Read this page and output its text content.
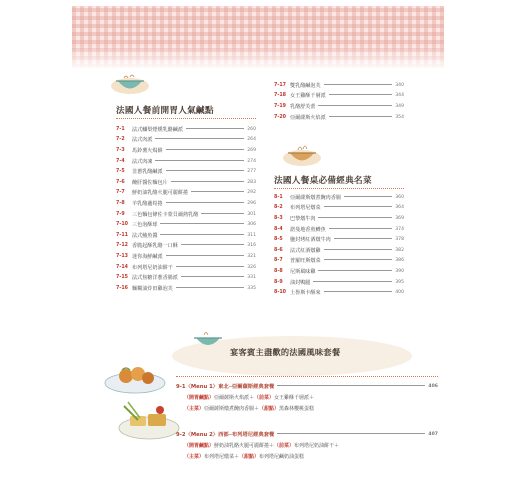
法國人餐前開胃人氣鹹點
7-1	法式鱷梨煙燻乳酪鹹派	260
7-2	法式肉派	264
7-3	馬鈴薯火焗餅	269
7-4	法式肉凍	274
7-5	韭蔥乳酪鹹派	277
7-6	醃肝醬佐麵包片	283
7-7	鮮奶油乳酪火腿可麗餅捲	292
7-8	羊乳酪蘆筍捲	296
7-9	三色麵包條佐卡蒙貝爾熱乳酪	301
7-10 三色泡酥球	306
7-11 法式鮪魚醬	311
7-12 香脆起酥乳酪一口酥	316
7-13 迷你海鮮鹹派	321
7-14 布列塔尼奶油餅干	326
7-15 法式焦糖洋蔥香腸派	331
7-16 麵糊油炸田雞泡芙	335
7-17 雙乳酪鹹泡芙	340
7-18 女王雞酥千層派	344
7-19 乳酪舒芙蕾	349
7-20 亞爾薩斯火焰派	354
法國人餐桌必備經典名菜
8-1	亞爾薩斯燉煮醃肉香腸	360
8-2	布列塔尼燉菜	364
8-3	巴黎燉牛肉	369
8-4	諾曼地香煎鱒魚	374
8-5	鹽封烤紅酒燉牛肉	378
8-6	法式紅酒燉雞	382
8-7	普羅旺斯燉菜	386
8-8	尼斯風味雞	390
8-9	油封鴨腿	395
8-10 土魯斯卡酥來	400
宴客賓主盡歡的法國風味套餐
9-1〈Menu 1〉東北─亞爾薩斯經典套餐	406
（開胃鹹點）亞爾薩斯火焰派＋（前菜）女王雞酥千層派＋
（主菜）亞爾薩斯燉煮醃肉香腸＋（甜點）黑森林櫻桃蛋糕
9-2〈Menu 2〉西部─布列塔尼經典套餐	407
（開胃鹹點）鮮奶油乳酪火腿可麗餅捲＋（前菜）布列塔尼奶油餅干＋
（主菜）布列塔尼燉菜＋（甜點）布列塔尼鹹奶油蛋糕
